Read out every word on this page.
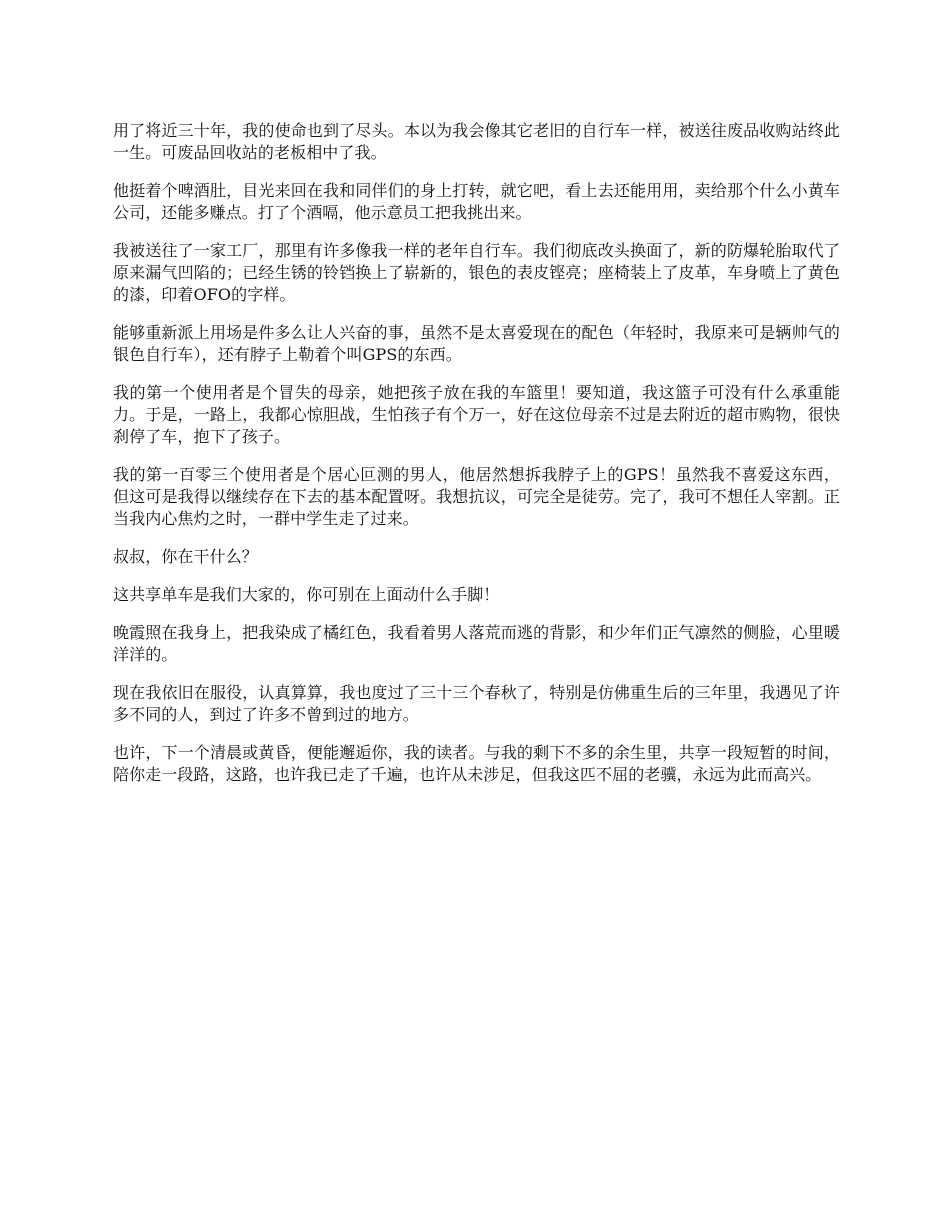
用了将近三十年，我的使命也到了尽头。本以为我会像其它老旧的自行车一样，被送往废品收购站终此一生。可废品回收站的老板相中了我。

他挺着个啤酒肚，目光来回在我和同伴们的身上打转，就它吧，看上去还能用用，卖给那个什么小黄车公司，还能多赚点。打了个酒嗝，他示意员工把我挑出来。

我被送往了一家工厂，那里有许多像我一样的老年自行车。我们彻底改头换面了，新的防爆轮胎取代了原来漏气凹陷的；已经生锈的铃铛换上了崭新的，银色的表皮铿亮；座椅装上了皮革，车身喷上了黄色的漆，印着OFO的字样。

能够重新派上用场是件多么让人兴奋的事，虽然不是太喜爱现在的配色（年轻时，我原来可是辆帅气的银色自行车），还有脖子上勒着个叫GPS的东西。

我的第一个使用者是个冒失的母亲，她把孩子放在我的车篮里！要知道，我这篮子可没有什么承重能力。于是，一路上，我都心惊胆战，生怕孩子有个万一，好在这位母亲不过是去附近的超市购物，很快刹停了车，抱下了孩子。

我的第一百零三个使用者是个居心叵测的男人，他居然想拆我脖子上的GPS！虽然我不喜爱这东西，但这可是我得以继续存在下去的基本配置呀。我想抗议，可完全是徒劳。完了，我可不想任人宰割。正当我内心焦灼之时，一群中学生走了过来。

叔叔，你在干什么？

这共享单车是我们大家的，你可别在上面动什么手脚！

晚霞照在我身上，把我染成了橘红色，我看着男人落荒而逃的背影，和少年们正气凛然的侧脸，心里暖洋洋的。

现在我依旧在服役，认真算算，我也度过了三十三个春秋了，特别是仿佛重生后的三年里，我遇见了许多不同的人，到过了许多不曾到过的地方。

也许，下一个清晨或黄昏，便能邂逅你，我的读者。与我的剩下不多的余生里，共享一段短暂的时间，陪你走一段路，这路，也许我已走了千遍，也许从未涉足，但我这匹不屈的老骥，永远为此而高兴。
